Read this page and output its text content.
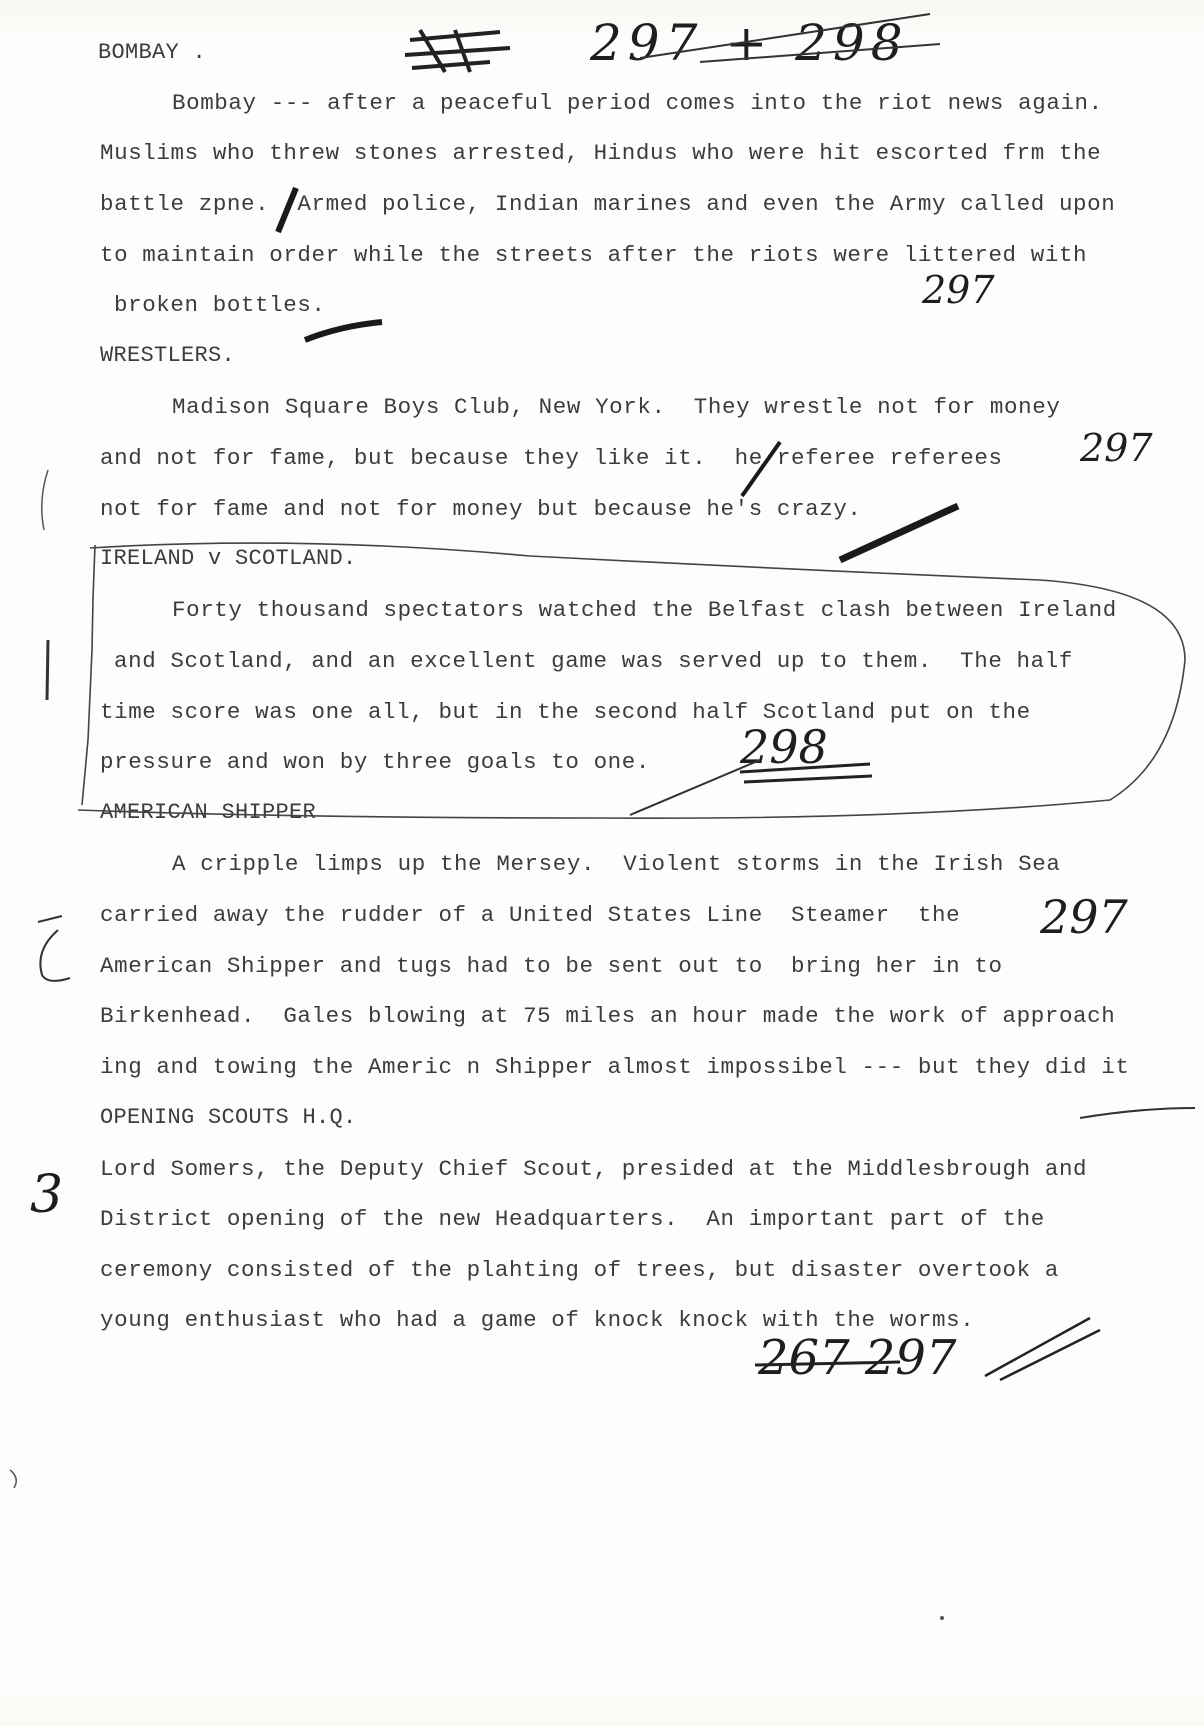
BOMBAY .
Bombay --- after a peaceful period comes into the riot news again.
Muslims who threw stones arrested, Hindus who were hit escorted frm the
battle zpne.  Armed police, Indian marines and even the Army called upon
to maintain order while the streets after the riots were littered with
broken bottles.
WRESTLERS.
Madison Square Boys Club, New York.  They wrestle not for money
and not for fame, but because they like it.  he referee referees
not for fame and not for money but because he's crazy.
IRELAND v SCOTLAND.
Forty thousand spectators watched the Belfast clash between Ireland
and Scotland, and an excellent game was served up to them.  The half
time score was one all, but in the second half Scotland put on the
pressure and won by three goals to one.
AMERICAN SHIPPER
A cripple limps up the Mersey.  Violent storms in the Irish Sea
carried away the rudder of a United States Line  Steamer  the
American Shipper and tugs had to be sent out to  bring her in to
Birkenhead.  Gales blowing at 75 miles an hour made the work of approach
ing and towing the Americ n Shipper almost impossibel --- but they did it
OPENING SCOUTS H.Q.
Lord Somers, the Deputy Chief Scout, presided at the Middlesbrough and
District opening of the new Headquarters.  An important part of the
ceremony consisted of the plahting of trees, but disaster overtook a
young enthusiast who had a game of knock knock with the worms.
297 + 298
297
297
298
297
267 297
3
